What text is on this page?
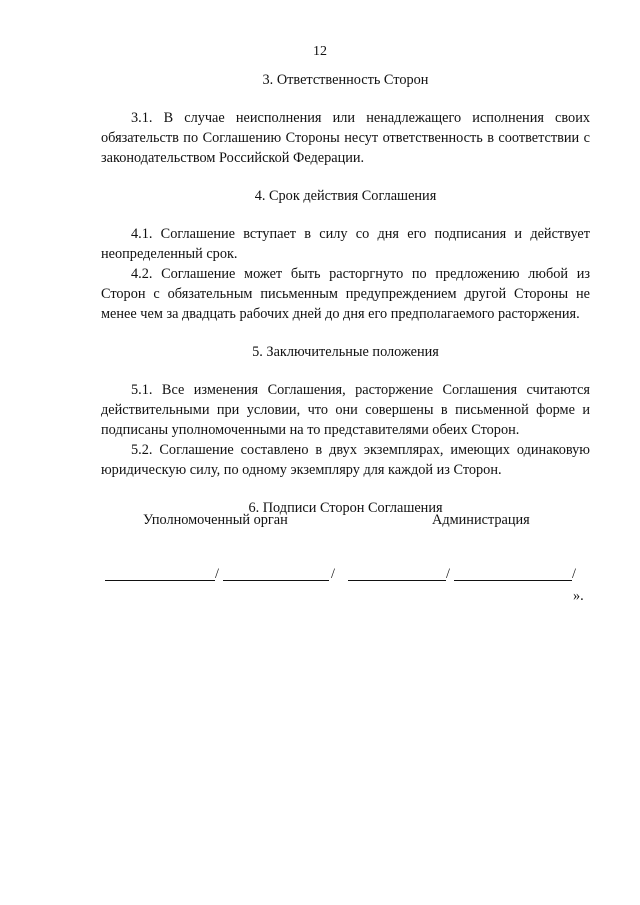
12

3. Ответственность Сторон

3.1. В случае неисполнения или ненадлежащего исполнения своих обязательств по Соглашению Стороны несут ответственность в соответствии с законодательством Российской Федерации.

4. Срок действия Соглашения

4.1. Соглашение вступает в силу со дня его подписания и действует неопределенный срок.

4.2. Соглашение может быть расторгнуто по предложению любой из Сторон с обязательным письменным предупреждением другой Стороны не менее чем за двадцать рабочих дней до дня его предполагаемого расторжения.

5. Заключительные положения

5.1. Все изменения Соглашения, расторжение Соглашения считаются действительными при условии, что они совершены в письменной форме и подписаны уполномоченными на то представителями обеих Сторон.

5.2. Соглашение составлено в двух экземплярах, имеющих одинаковую юридическую силу, по одному экземпляру для каждой из Сторон.

6. Подписи Сторон Соглашения

Уполномоченный орган	Администрация
/	/	/	/
».
